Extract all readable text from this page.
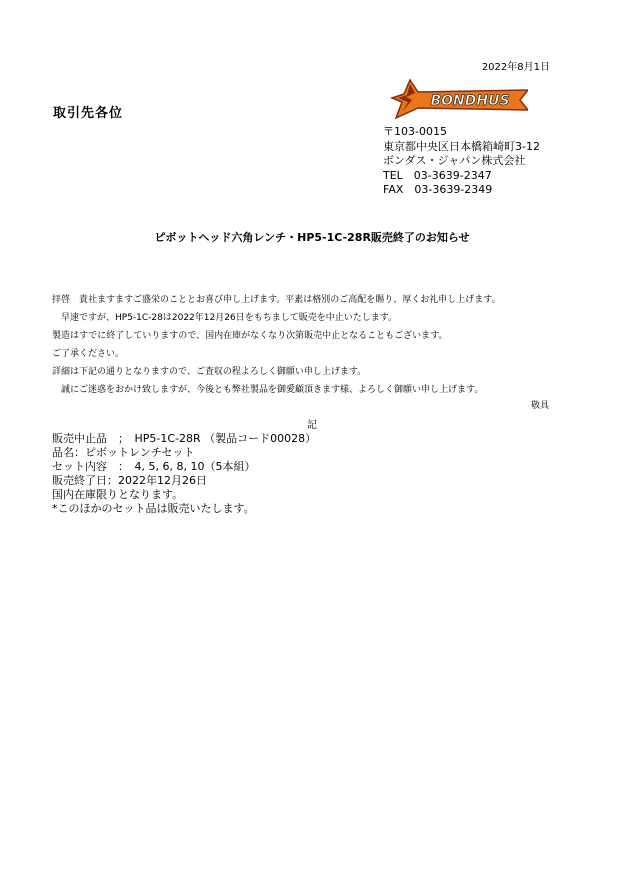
2022年8月1日
取引先各位
BONDHUS
〒103-0015
東京都中央区日本橋箱崎町3-12
ボンダス・ジャパン株式会社
TEL　03-3639-2347
FAX　03-3639-2349
ピボットヘッド六角レンチ・HP5-1C-28R販売終了のお知らせ
拝啓　貴社ますますご盛栄のこととお喜び申し上げます。平素は格別のご高配を賜り、厚くお礼申し上げます。
　早速ですが、HP5-1C-28は2022年12月26日をもちまして販売を中止いたします。
製造はすでに終了していりますので、国内在庫がなくなり次第販売中止となることもございます。
ご了承ください。
詳細は下記の通りとなりますので、ご査収の程よろしく御願い申し上げます。
　誠にご迷惑をおかけ致しますが、今後とも弊社製品を御愛顧頂きます様、よろしく御願い申し上げます。
敬具
記
販売中止品　；　HP5-1C-28R （製品コード00028）
品名：ピボットレンチセット
セット内容　：　4, 5, 6, 8, 10（5本組）
販売終了日：2022年12月26日
国内在庫限りとなります。
*このほかのセット品は販売いたします。
